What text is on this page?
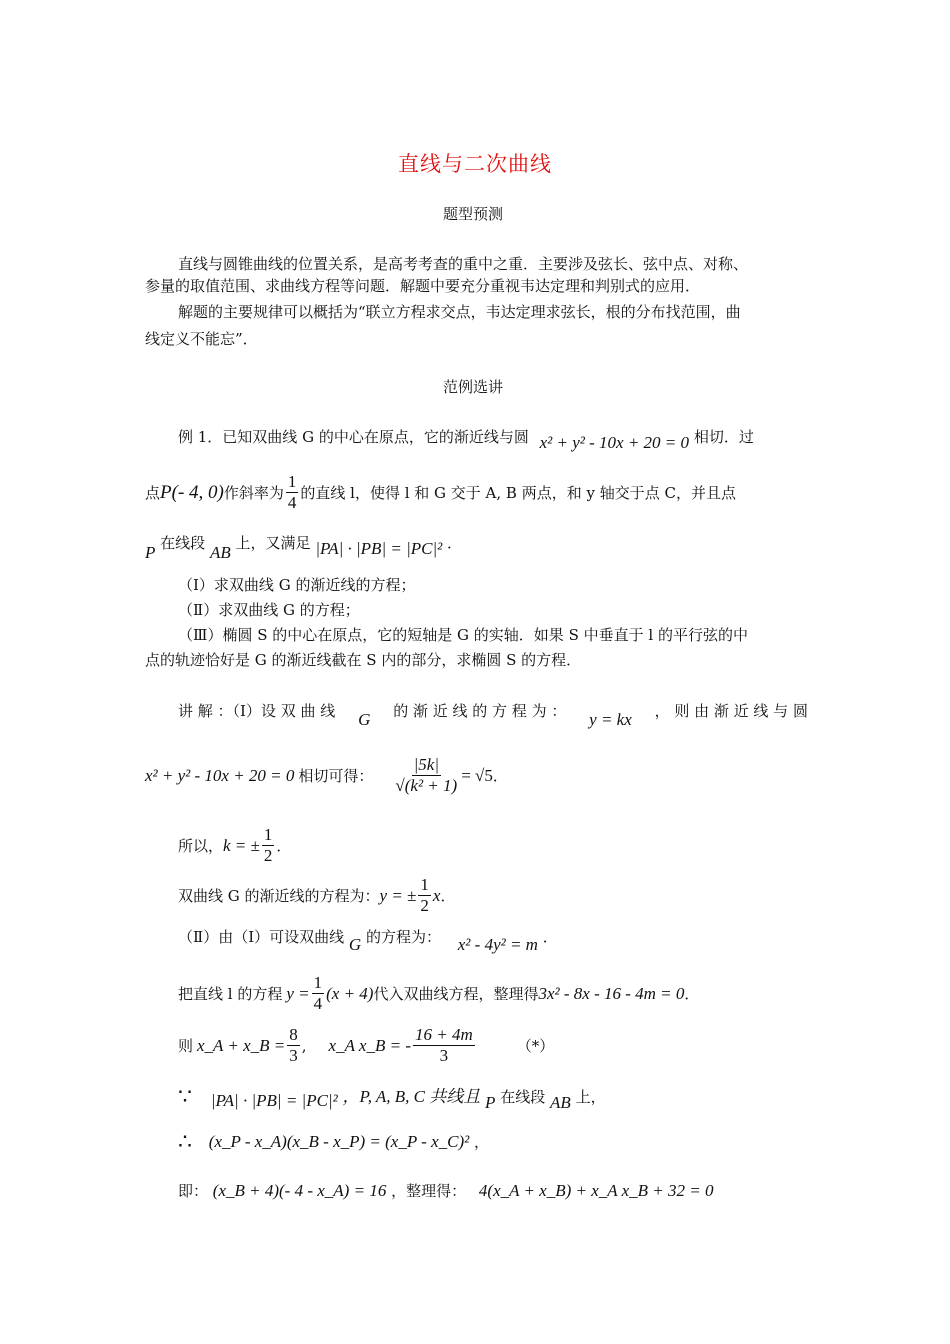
直线与二次曲线
题型预测
直线与圆锥曲线的位置关系，是高考考查的重中之重．主要涉及弦长、弦中点、对称、
参量的取值范围、求曲线方程等问题．解题中要充分重视韦达定理和判别式的应用．
解题的主要规律可以概括为“联立方程求交点，韦达定理求弦长，根的分布找范围，曲
线定义不能忘”．
范例选讲
例 1．已知双曲线 G 的中心在原点，它的渐近线与圆 x² + y² - 10x + 20 = 0 相切．过
点 P(- 4, 0) 作斜率为 $\frac{1}{4}$ 的直线 l，使得 l 和 G 交于 A, B 两点，和 y 轴交于点 C，并且点
P 在线段 AB 上，又满足 |PA| · |PB| = |PC|² ．
（Ⅰ）求双曲线 G 的渐近线的方程；
（Ⅱ）求双曲线 G 的方程；
（Ⅲ）椭圆 S 的中心在原点，它的短轴是 G 的实轴．如果 S 中垂直于 l 的平行弦的中
点的轨迹恰好是 G 的渐近线截在 S 内的部分，求椭圆 S 的方程．
讲 解 ：（Ⅰ）设 双 曲 线 G 的 渐 近 线 的 方 程 为 ： y = kx ， 则 由 渐 近 线 与 圆
x² + y² - 10x + 20 = 0 相切可得： $\frac{|5k|}{\text{√(k² + 1)}} = √5$ ．
所以， k = ± $\frac{1}{2}$ ．
双曲线 G 的渐近线的方程为： y = ± $\frac{1}{2}$ x ．
（Ⅱ）由（Ⅰ）可设双曲线 G 的方程为： x² - 4y² = m ．
把直线 l 的方程 $y = \frac{1}{4} (x + 4)$ 代入双曲线方程，整理得 3x² - 8x - 16 - 4m = 0 ．
则 x_A + x_B = $\frac{8}{3}$ , x_A x_B = - $\frac{16 + 4m}{3}$	（*）
∵ |PA| · |PB| = |PC|² ，P, A, B, C 共线且 P 在线段 AB 上，
∴ (x_P - x_A)(x_B - x_P) = (x_P - x_C)² ，
即： (x_B + 4)(- 4 - x_A) = 16 ，整理得： 4(x_A + x_B) + x_A x_B + 32 = 0
